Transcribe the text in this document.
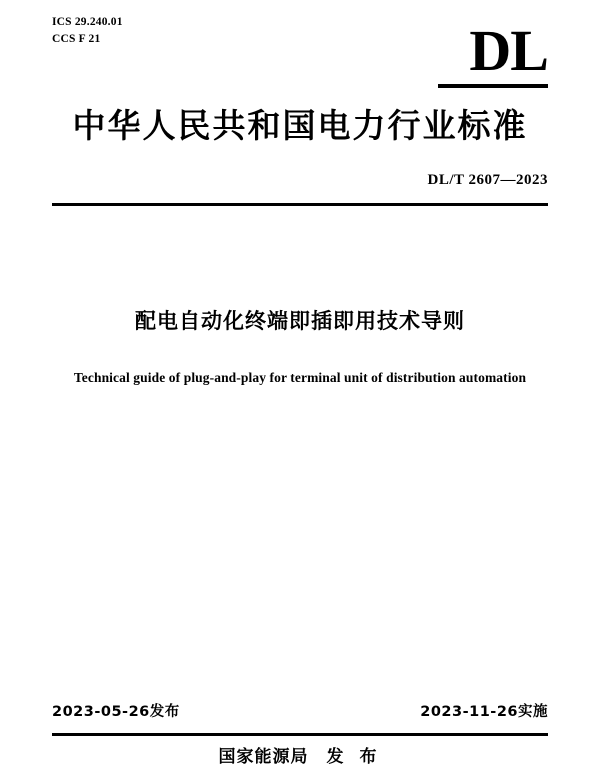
ICS 29.240.01
CCS F 21	DL
中华人民共和国电力行业标准
DL/T 2607—2023
配电自动化终端即插即用技术导则
Technical guide of plug-and-play for terminal unit of distribution automation
2023-05-26发布	2023-11-26实施
国家能源局 发 布
